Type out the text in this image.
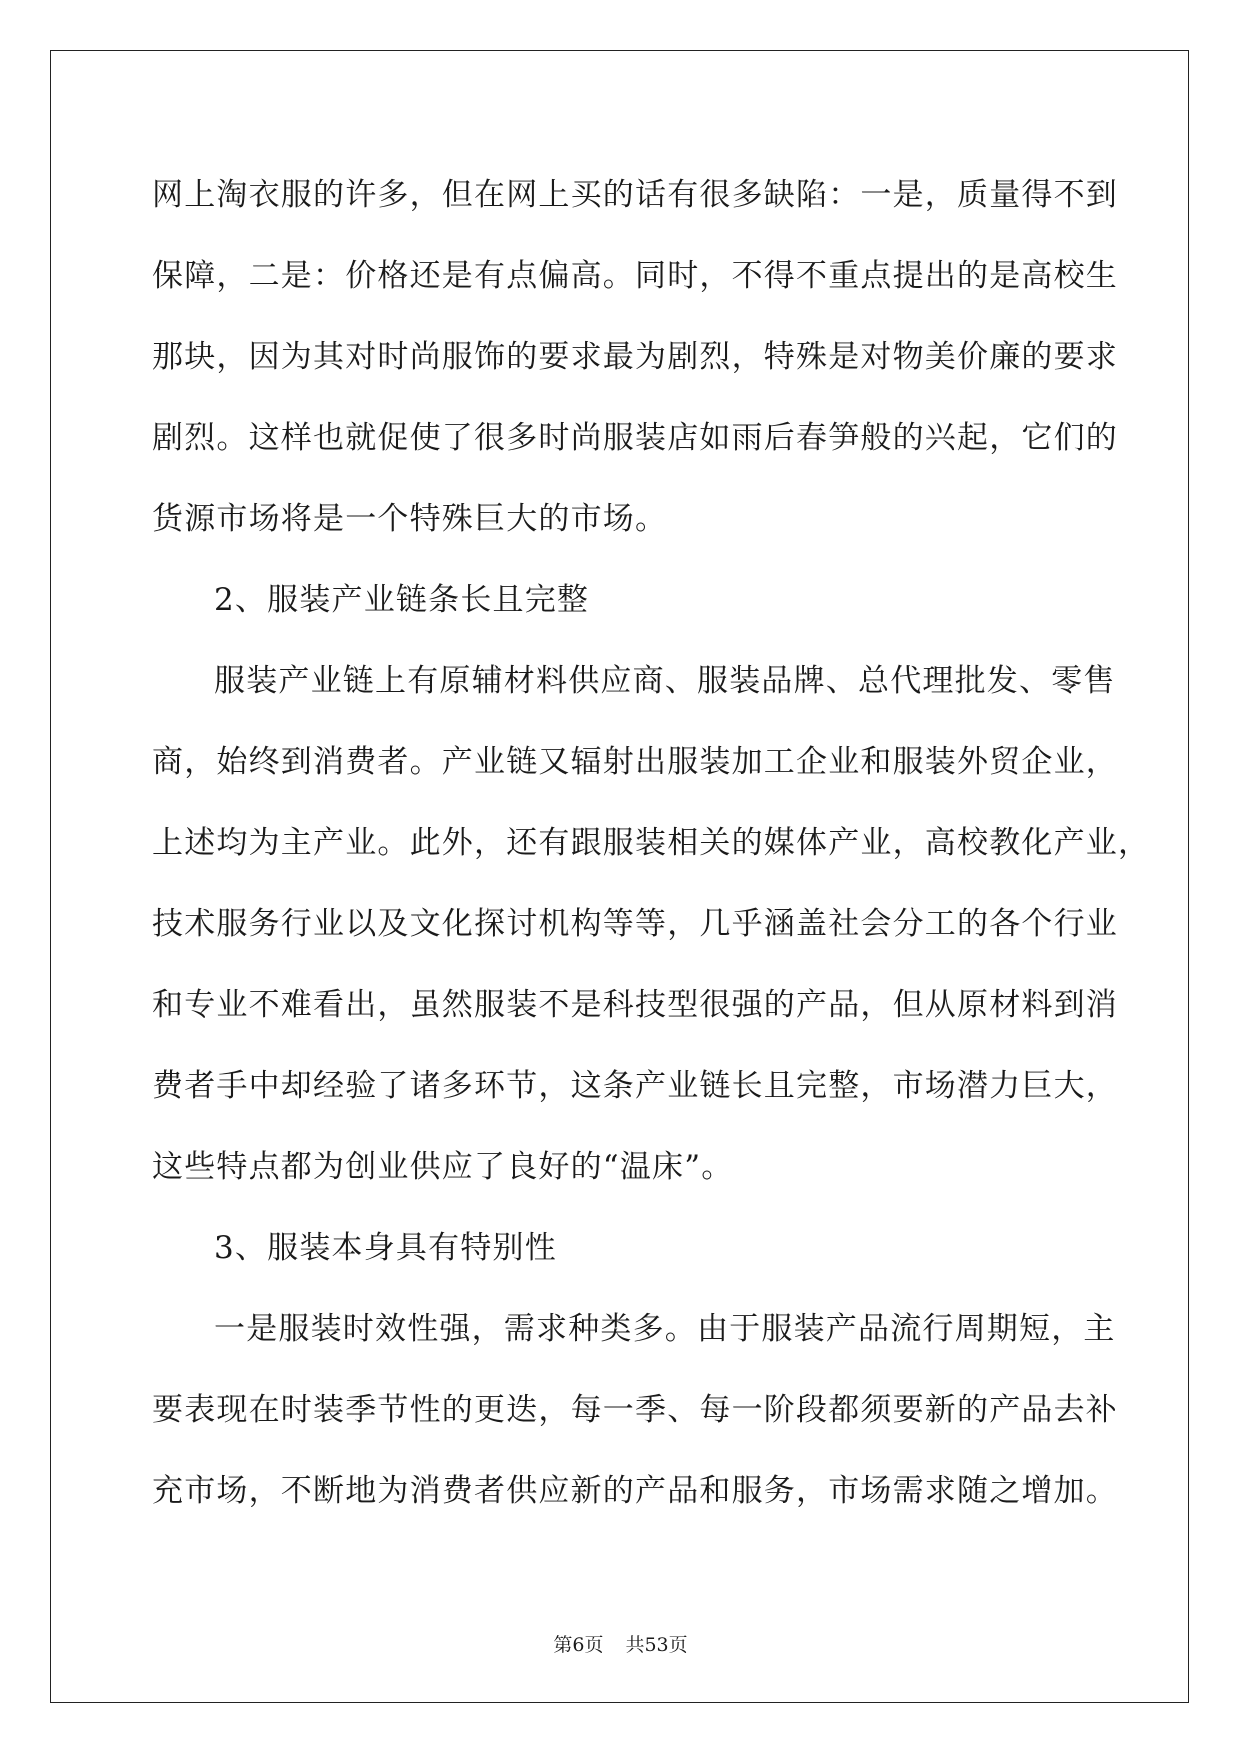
网上淘衣服的许多，但在网上买的话有很多缺陷：一是，质量得不到
保障，二是：价格还是有点偏高。同时，不得不重点提出的是高校生
那块，因为其对时尚服饰的要求最为剧烈，特殊是对物美价廉的要求
剧烈。这样也就促使了很多时尚服装店如雨后春笋般的兴起，它们的
货源市场将是一个特殊巨大的市场。
2、服装产业链条长且完整
服装产业链上有原辅材料供应商、服装品牌、总代理批发、零售
商，始终到消费者。产业链又辐射出服装加工企业和服装外贸企业，
上述均为主产业。此外，还有跟服装相关的媒体产业，高校教化产业，
技术服务行业以及文化探讨机构等等，几乎涵盖社会分工的各个行业
和专业不难看出，虽然服装不是科技型很强的产品，但从原材料到消
费者手中却经验了诸多环节，这条产业链长且完整，市场潜力巨大，
这些特点都为创业供应了良好的“温床”。
3、服装本身具有特别性
一是服装时效性强，需求种类多。由于服装产品流行周期短，主
要表现在时装季节性的更迭，每一季、每一阶段都须要新的产品去补
充市场，不断地为消费者供应新的产品和服务，市场需求随之增加。
第6页 共53页
